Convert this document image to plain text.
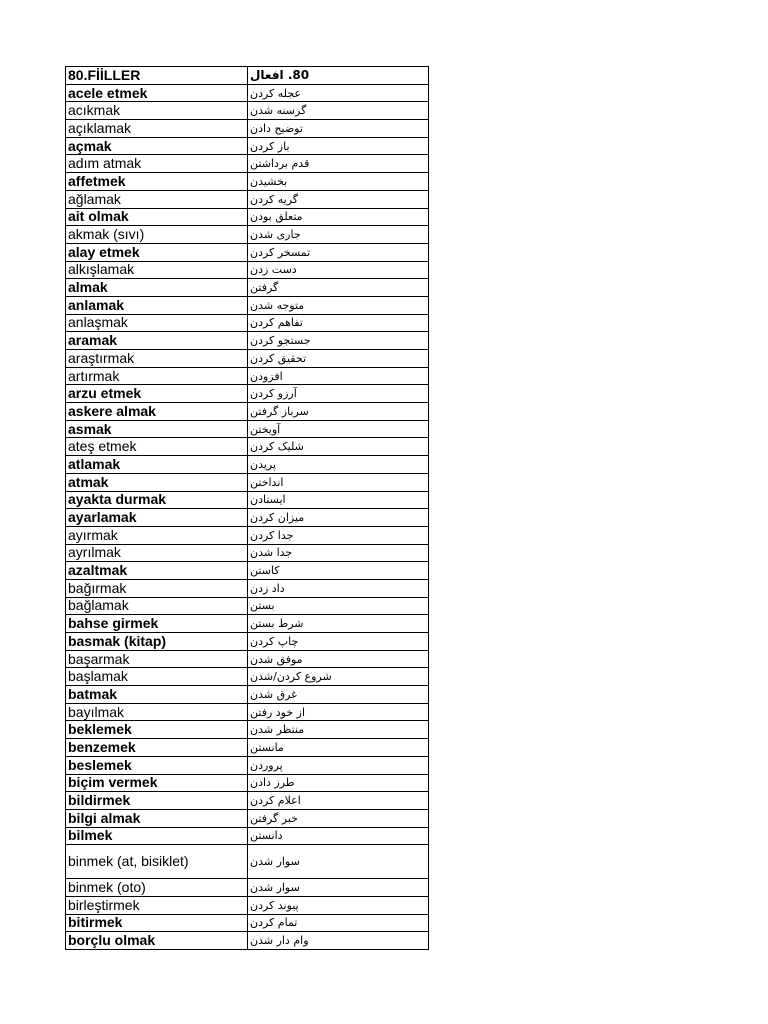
80.FİİLLER	80. افعال
acele etmek	عجله کردن
acıkmak	گرسنه شدن
açıklamak	توضیح دادن
açmak	باز کردن
adım atmak	قدم برداشتن
affetmek	بخشیدن
ağlamak	گریه کردن
ait olmak	متعلق بودن
akmak (sıvı)	جاری شدن
alay etmek	تمسخر کردن
alkışlamak	دست زدن
almak	گرفتن
anlamak	متوجه شدن
anlaşmak	تفاهم کردن
aramak	جستجو کردن
araştırmak	تحقیق کردن
artırmak	افزودن
arzu etmek	آرزو کردن
askere almak	سرباز گرفتن
asmak	آویختن
ateş etmek	شلیک کردن
atlamak	پریدن
atmak	انداختن
ayakta durmak	ایستادن
ayarlamak	میزان کردن
ayırmak	جدا کردن
ayrılmak	جدا شدن
azaltmak	کاستن
bağırmak	داد زدن
bağlamak	بستن
bahse girmek	شرط بستن
basmak (kitap)	چاپ کردن
başarmak	موفق شدن
başlamak	شروع کردن/شدن
batmak	غرق شدن
bayılmak	از خود رفتن
beklemek	منتظر شدن
benzemek	مانستن
beslemek	پروردن
biçim vermek	طرز دادن
bildirmek	اعلام کردن
bilgi almak	خبر گرفتن
bilmek	دانستن
binmek (at, bisiklet)	سوار شدن
binmek (oto)	سوار شدن
birleştirmek	پیوند کردن
bitirmek	تمام کردن
borçlu olmak	وام دار شدن
